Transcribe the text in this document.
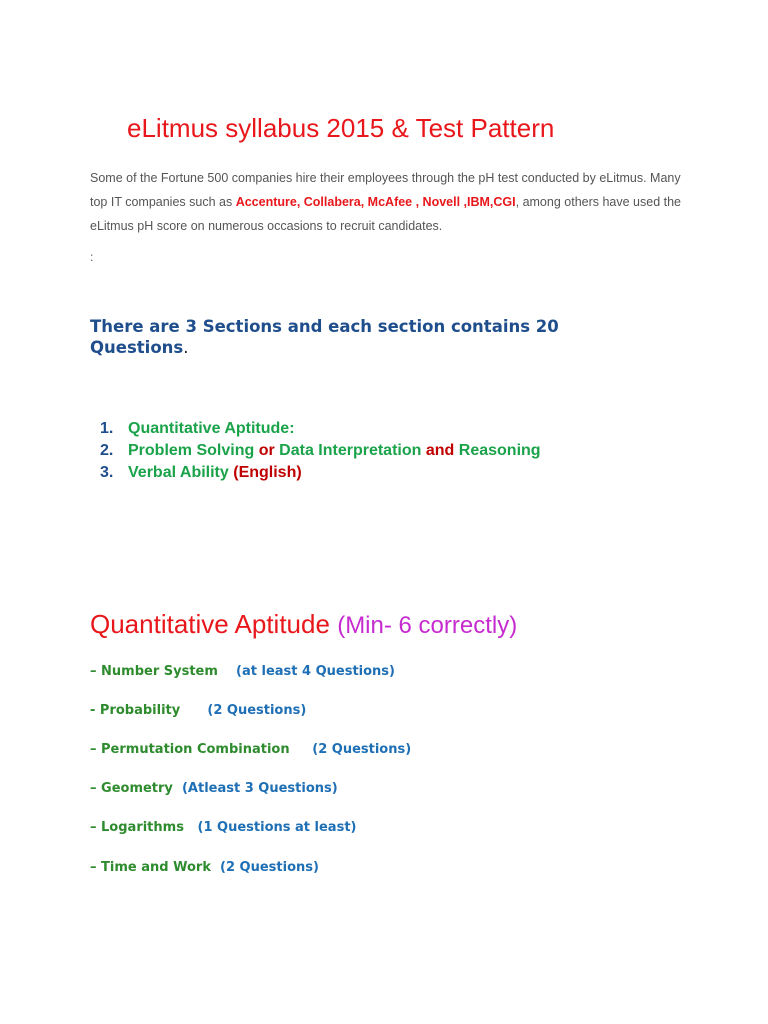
eLitmus syllabus 2015 & Test Pattern

Some of the Fortune 500 companies hire their employees through the pH test conducted by eLitmus. Many top IT companies such as Accenture, Collabera, McAfee , Novell ,IBM,CGI, among others have used the eLitmus pH score on numerous occasions to recruit candidates.

:
There are 3 Sections and each section contains 20 Questions.
1. Quantitative Aptitude:
2. Problem Solving or Data Interpretation and Reasoning
3. Verbal Ability (English)
Quantitative Aptitude (Min- 6 correctly)
– Number System (at least 4 Questions)
- Probability (2 Questions)
– Permutation Combination (2 Questions)
– Geometry (Atleast 3 Questions)
– Logarithms (1 Questions at least)
– Time and Work (2 Questions)
